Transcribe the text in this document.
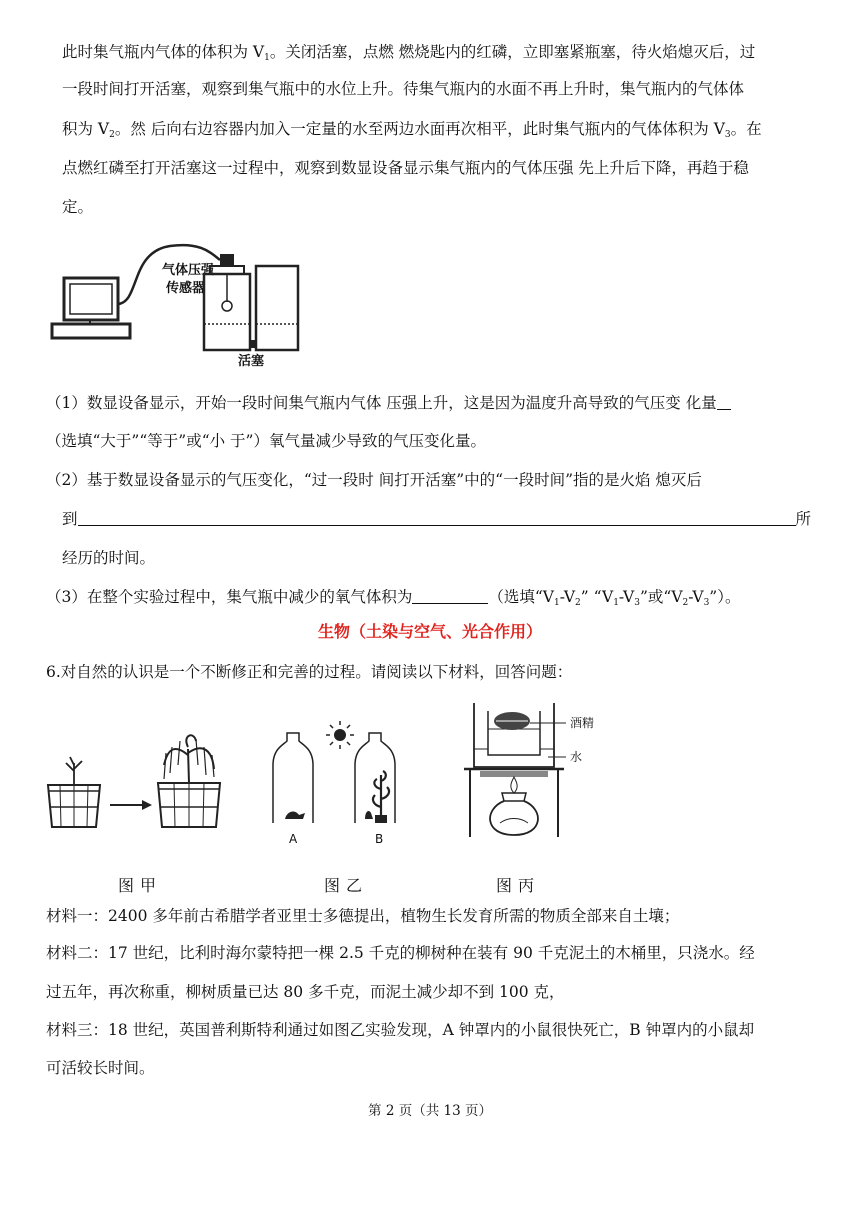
此时集气瓶内气体的体积为 $V_1$。关闭活塞，点燃 燃烧匙内的红磷，立即塞紧瓶塞，待火焰熄灭后，过
一段时间打开活塞，观察到集气瓶中的水位上升。待集气瓶内的水面不再上升时，集气瓶内的气体体
积为 $V_2$。然 后向右边容器内加入一定量的水至两边水面再次相平，此时集气瓶内的气体体积为 $V_3$。在
点燃红磷至打开活塞这一过程中，观察到数显设备显示集气瓶内的气体压强 先上升后下降，再趋于稳
定。
气体压强
传感器
活塞
（1）数显设备显示，开始一段时间集气瓶内气体 压强上升，这是因为温度升高导致的气压变 化量
（选填“大于”“等于”或“小 于”）氧气量减少导致的气压变化量。
（2）基于数显设备显示的气压变化，“过一段时 间打开活塞”中的“一段时间”指的是火焰 熄灭后
到	所
经历的时间。
（3）在整个实验过程中，集气瓶中减少的氧气体积为	（选填“$V_1-V_2$” “$V_1-V_3$”或“$V_2-V_3$”）。
生物（土染与空气、光合作用）
6.对自然的认识是一个不断修正和完善的过程。请阅读以下材料，回答问题：
A	B
酒精
水
图甲	图乙	图丙
材料一：2400 多年前古希腊学者亚里士多德提出，植物生长发育所需的物质全部来自土壤；
材料二：17 世纪，比利时海尔蒙特把一棵 2.5 千克的柳树种在装有 90 千克泥土的木桶里，只浇水。经
过五年，再次称重，柳树质量已达 80 多千克，而泥土减少却不到 100 克，
材料三：18 世纪，英国普利斯特利通过如图乙实验发现，A 钟罩内的小鼠很快死亡，B 钟罩内的小鼠却
可活较长时间。
第 2 页（共 13 页）
